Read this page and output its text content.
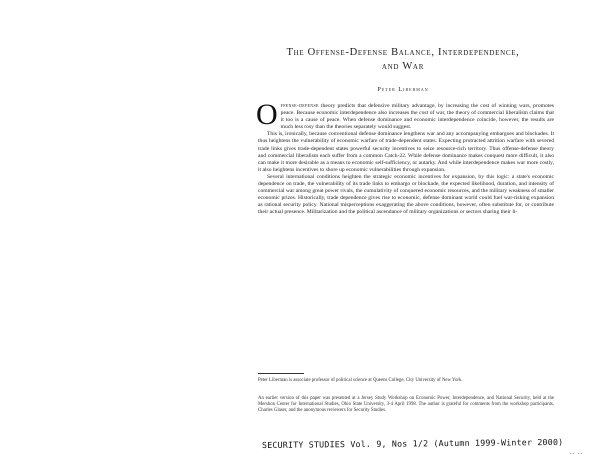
The Offense-Defense Balance, Interdependence,
and War
Peter Liberman

Offense-defense theory predicts that defensive military advantage, by increasing the cost of winning wars, promotes peace. Because economic interdependence also increases the cost of war, the theory of commercial liberalism claims that it too is a cause of peace. When defense dominance and economic interdependence coincide, however, the results are much less rosy than the theories separately would suggest.

This is, ironically, because conventional defense dominance lengthens war and any accompanying embargoes and blockades. It thus heightens the vulnerability of economic warfare of trade-dependent states. Expecting protracted attrition warfare with severed trade links gives trade-dependent states powerful security incentives to seize resource-rich territory. Thus offense-defense theory and commercial liberalism each suffer from a common Catch-22. While defense dominance makes conquest more difficult, it also can make it more desirable as a means to economic self-sufficiency, or autarky. And while interdependence makes war more costly, it also heightens incentives to shore up economic vulnerabilities through expansion.

Several international conditions heighten the strategic economic incentives for expansion, by this logic: a state's economic dependence on trade, the vulnerability of its trade links to embargo or blockade, the expected likelihood, duration, and intensity of commercial war among great power rivals, the cumulativity of conquered economic resources, and the military weakness of smaller economic prizes. Historically, trade dependence gives rise to economic, defense dominant world could fuel war-risking expansion as rational security policy. National misperceptions exaggerating the above conditions, however, often substitute for, or contribute their actual presence. Militarization and the political ascendance of military organizations or sectors sharing their li-

Peter Liberman is associate professor of political science at Queens College, City University of New York.
An earlier version of this paper was presented at a Jersey Study Workshop on Economic Power, Interdependence, and National Security, held at the Mershon Center for International Studies, Ohio State University, 3-4 April 1998. The author is grateful for comments from the workshop participants, Charles Glaser, and the anonymous reviewers for Security Studies.
SECURITY STUDIES Vol. 9, Nos 1/2 (Autumn 1999-Winter 2000)
-- --
